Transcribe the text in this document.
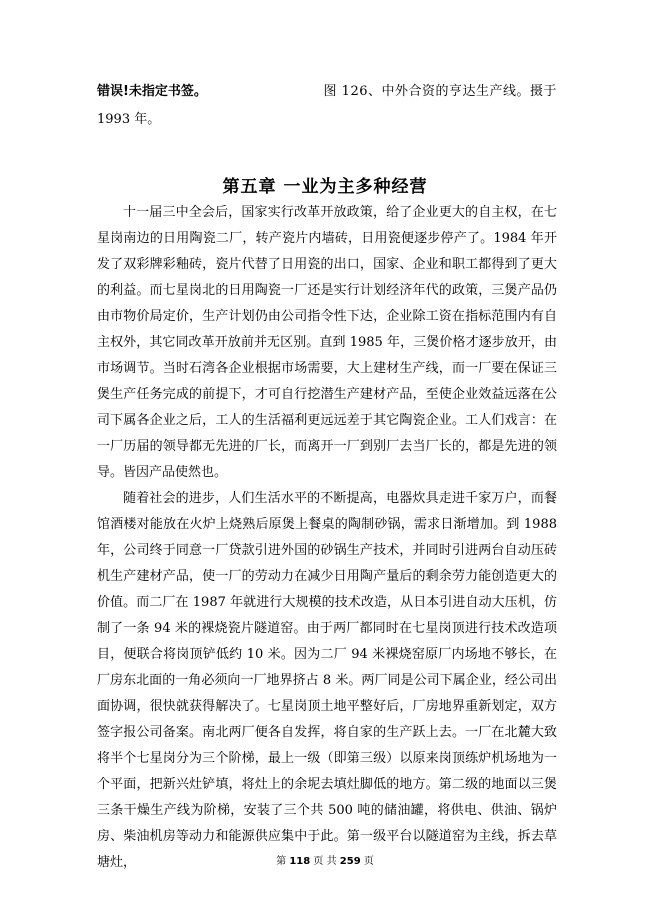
错误!未指定书签。	图 126、中外合资的亨达生产线。摄于
1993 年。
第五章 一业为主多种经营

十一届三中全会后，国家实行改革开放政策，给了企业更大的自主权，在七星岗南边的日用陶瓷二厂，转产瓷片内墙砖，日用瓷便逐步停产了。1984 年开发了双彩牌彩釉砖，瓷片代替了日用瓷的出口，国家、企业和职工都得到了更大的利益。而七星岗北的日用陶瓷一厂还是实行计划经济年代的政策，三煲产品仍由市物价局定价，生产计划仍由公司指令性下达，企业除工资在指标范围内有自主权外，其它同改革开放前并无区别。直到 1985 年，三煲价格才逐步放开，由市场调节。当时石湾各企业根据市场需要，大上建材生产线，而一厂要在保证三煲生产任务完成的前提下，才可自行挖潜生产建材产品，至使企业效益远落在公司下属各企业之后，工人的生活福利更远远差于其它陶瓷企业。工人们戏言：在一厂历届的领导都无先进的厂长，而离开一厂到别厂去当厂长的，都是先进的领导。皆因产品使然也。

随着社会的进步，人们生活水平的不断提高，电器炊具走进千家万户，而餐馆酒楼对能放在火炉上烧熟后原煲上餐桌的陶制砂锅，需求日渐增加。到 1988 年，公司终于同意一厂贷款引进外国的砂锅生产技术，并同时引进两台自动压砖机生产建材产品，使一厂的劳动力在减少日用陶产量后的剩余劳力能创造更大的价值。而二厂在 1987 年就进行大规模的技术改造，从日本引进自动大压机，仿制了一条 94 米的裸烧瓷片隧道窑。由于两厂都同时在七星岗顶进行技术改造项目，便联合将岗顶铲低约 10 米。因为二厂 94 米裸烧窑原厂内场地不够长，在厂房东北面的一角必须向一厂地界挤占 8 米。两厂同是公司下属企业，经公司出面协调，很快就获得解决了。七星岗顶土地平整好后，厂房地界重新划定，双方签字报公司备案。南北两厂便各自发挥，将自家的生产跃上去。一厂在北麓大致将半个七星岗分为三个阶梯，最上一级（即第三级）以原来岗顶练炉机场地为一个平面，把新兴灶铲填，将灶上的余坭去填灶脚低的地方。第二级的地面以三煲三条干燥生产线为阶梯，安装了三个共 500 吨的储油罐，将供电、供油、锅炉房、柴油机房等动力和能源供应集中于此。第一级平台以隧道窑为主线，拆去草塘灶，	第 118 页 共 259 页
